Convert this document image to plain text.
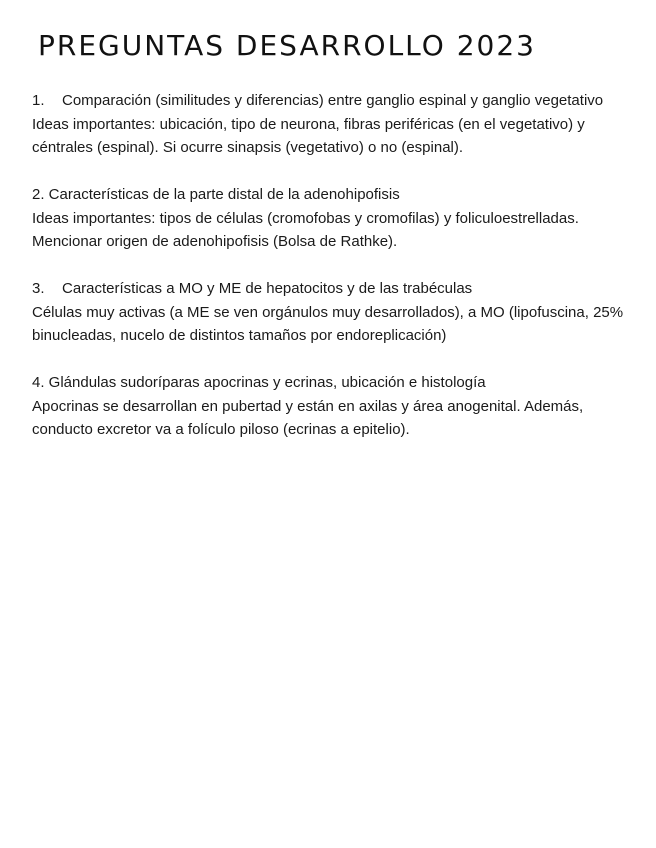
PREGUNTAS DESARROLLO 2023
1.	Comparación (similitudes y diferencias) entre ganglio espinal y ganglio vegetativo
Ideas importantes: ubicación, tipo de neurona, fibras periféricas (en el vegetativo) y céntrales (espinal). Si ocurre sinapsis (vegetativo) o no (espinal).
2. Características de la parte distal de la adenohipofisis
Ideas importantes: tipos de células (cromofobas y cromofilas) y foliculoestrelladas. Mencionar origen de adenohipofisis (Bolsa de Rathke).
3.	Características a MO y ME de hepatocitos y de las trabéculas
Células muy activas (a ME se ven orgánulos muy desarrollados), a MO (lipofuscina, 25% binucleadas, nucelo de distintos tamaños por endoreplicación)
4. Glándulas sudoríparas apocrinas y ecrinas, ubicación e histología
Apocrinas se desarrollan en pubertad y están en axilas y área anogenital. Además, conducto excretor va a folículo piloso (ecrinas a epitelio).
